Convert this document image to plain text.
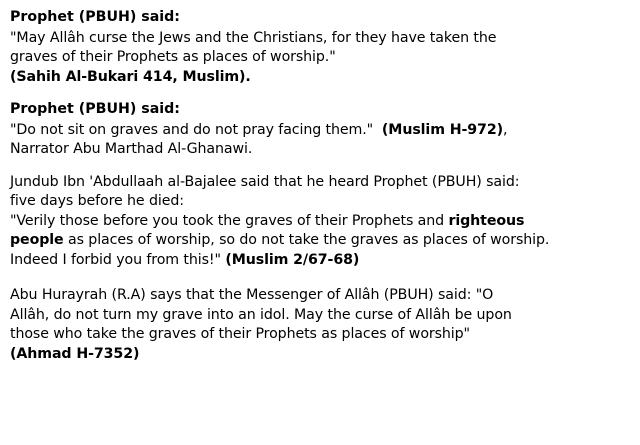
Prophet (PBUH) said:
"May Allâh curse the Jews and the Christians, for they have taken the
graves of their Prophets as places of worship."
(Sahih Al-Bukari 414, Muslim).
Prophet (PBUH) said:
"Do not sit on graves and do not pray facing them."  (Muslim H-972),
Narrator Abu Marthad Al-Ghanawi.
Jundub Ibn 'Abdullaah al-Bajalee said that he heard Prophet (PBUH) said:
five days before he died:
"Verily those before you took the graves of their Prophets and righteous
people as places of worship, so do not take the graves as places of worship.
Indeed I forbid you from this!" (Muslim 2/67-68)
Abu Hurayrah (R.A) says that the Messenger of Allâh (PBUH) said: "O
Allâh, do not turn my grave into an idol. May the curse of Allâh be upon
those who take the graves of their Prophets as places of worship"
(Ahmad H-7352)
